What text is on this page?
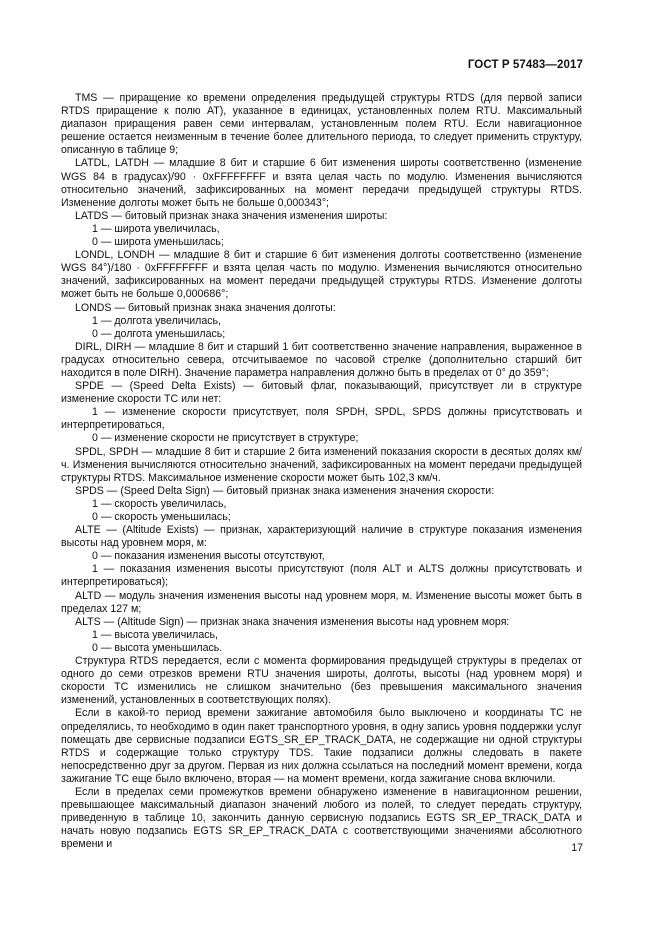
ГОСТ Р 57483—2017

TMS — приращение ко времени определения предыдущей структуры RTDS (для первой записи RTDS приращение к полю AT), указанное в единицах, установленных полем RTU. Максимальный диапазон приращения равен семи интервалам, установленным полем RTU. Если навигационное решение остается неизменным в течение более длительного периода, то следует применить структуру, описанную в таблице 9;

LATDL, LATDH — младшие 8 бит и старшие 6 бит изменения широты соответственно (изменение WGS 84 в градусах)/90 · 0xFFFFFFFF и взята целая часть по модулю. Изменения вычисляются относительно значений, зафиксированных на момент передачи предыдущей структуры RTDS. Изменение долготы может быть не больше 0,000343°;

LATDS — битовый признак знака значения изменения широты:

1 — широта увеличилась,

0 — широта уменьшилась;

LONDL, LONDH — младшие 8 бит и старшие 6 бит изменения долготы соответственно (изменение WGS 84°)/180 · 0xFFFFFFFF и взята целая часть по модулю. Изменения вычисляются относительно значений, зафиксированных на момент передачи предыдущей структуры RTDS. Изменение долготы может быть не больше 0,000686°;

LONDS — битовый признак знака значения долготы:

1 — долгота увеличилась,

0 — долгота уменьшилась;

DIRL, DIRH — младшие 8 бит и старший 1 бит соответственно значение направления, выраженное в градусах относительно севера, отсчитываемое по часовой стрелке (дополнительно старший бит находится в поле DIRH). Значение параметра направления должно быть в пределах от 0° до 359°;

SPDE — (Speed Delta Exists) — битовый флаг, показывающий, присутствует ли в структуре изменение скорости ТС или нет:

1 — изменение скорости присутствует, поля SPDH, SPDL, SPDS должны присутствовать и интерпретироваться,

0 — изменение скорости не присутствует в структуре;

SPDL, SPDH — младшие 8 бит и старшие 2 бита изменений показания скорости в десятых долях км/ч. Изменения вычисляются относительно значений, зафиксированных на момент передачи предыдущей структуры RTDS. Максимальное изменение скорости может быть 102,3 км/ч.

SPDS — (Speed Delta Sign) — битовый признак знака изменения значения скорости:

1 — скорость увеличилась,

0 — скорость уменьшилась;

ALTE — (Altitude Exists) — признак, характеризующий наличие в структуре показания изменения высоты над уровнем моря, м:

0 — показания изменения высоты отсутствуют,

1 — показания изменения высоты присутствуют (поля ALT и ALTS должны присутствовать и интерпретироваться);

ALTD — модуль значения изменения высоты над уровнем моря, м. Изменение высоты может быть в пределах 127 м;

ALTS — (Altitude Sign) — признак знака значения изменения высоты над уровнем моря:

1 — высота увеличилась,

0 — высота уменьшилась.

Структура RTDS передается, если с момента формирования предыдущей структуры в пределах от одного до семи отрезков времени RTU значения широты, долготы, высоты (над уровнем моря) и скорости ТС изменились не слишком значительно (без превышения максимального значения изменений, установленных в соответствующих полях).

Если в какой-то период времени зажигание автомобиля было выключено и координаты ТС не определялись, то необходимо в один пакет транспортного уровня, в одну запись уровня поддержки услуг помещать две сервисные подзаписи EGTS_SR_EP_TRACK_DATA, не содержащие ни одной структуры RTDS и содержащие только структуру TDS. Такие подзаписи должны следовать в пакете непосредственно друг за другом. Первая из них должна ссылаться на последний момент времени, когда зажигание ТС еще было включено, вторая — на момент времени, когда зажигание снова включили.

Если в пределах семи промежутков времени обнаружено изменение в навигационном решении, превышающее максимальный диапазон значений любого из полей, то следует передать структуру, приведенную в таблице 10, закончить данную сервисную подзапись EGTS SR_EP_TRACK_DATA и начать новую подзапись EGTS SR_EP_TRACK_DATA с соответствующими значениями абсолютного времени и	17
